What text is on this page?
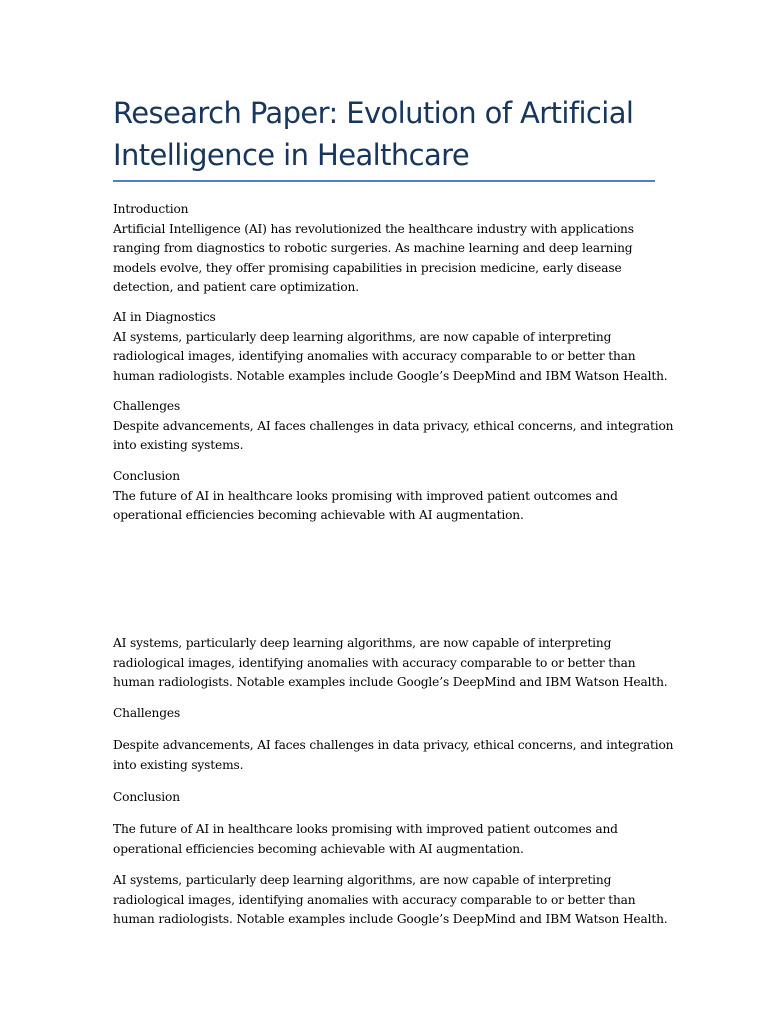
Research Paper: Evolution of Artificial
Intelligence in Healthcare
Introduction
Artificial Intelligence (AI) has revolutionized the healthcare industry with applications
ranging from diagnostics to robotic surgeries. As machine learning and deep learning
models evolve, they offer promising capabilities in precision medicine, early disease
detection, and patient care optimization.
AI in Diagnostics
AI systems, particularly deep learning algorithms, are now capable of interpreting
radiological images, identifying anomalies with accuracy comparable to or better than
human radiologists. Notable examples include Google’s DeepMind and IBM Watson Health.
Challenges
Despite advancements, AI faces challenges in data privacy, ethical concerns, and integration
into existing systems.
Conclusion
The future of AI in healthcare looks promising with improved patient outcomes and
operational efficiencies becoming achievable with AI augmentation.
AI systems, particularly deep learning algorithms, are now capable of interpreting
radiological images, identifying anomalies with accuracy comparable to or better than
human radiologists. Notable examples include Google’s DeepMind and IBM Watson Health.
Challenges
Despite advancements, AI faces challenges in data privacy, ethical concerns, and integration
into existing systems.
Conclusion
The future of AI in healthcare looks promising with improved patient outcomes and
operational efficiencies becoming achievable with AI augmentation.
AI systems, particularly deep learning algorithms, are now capable of interpreting
radiological images, identifying anomalies with accuracy comparable to or better than
human radiologists. Notable examples include Google’s DeepMind and IBM Watson Health.
